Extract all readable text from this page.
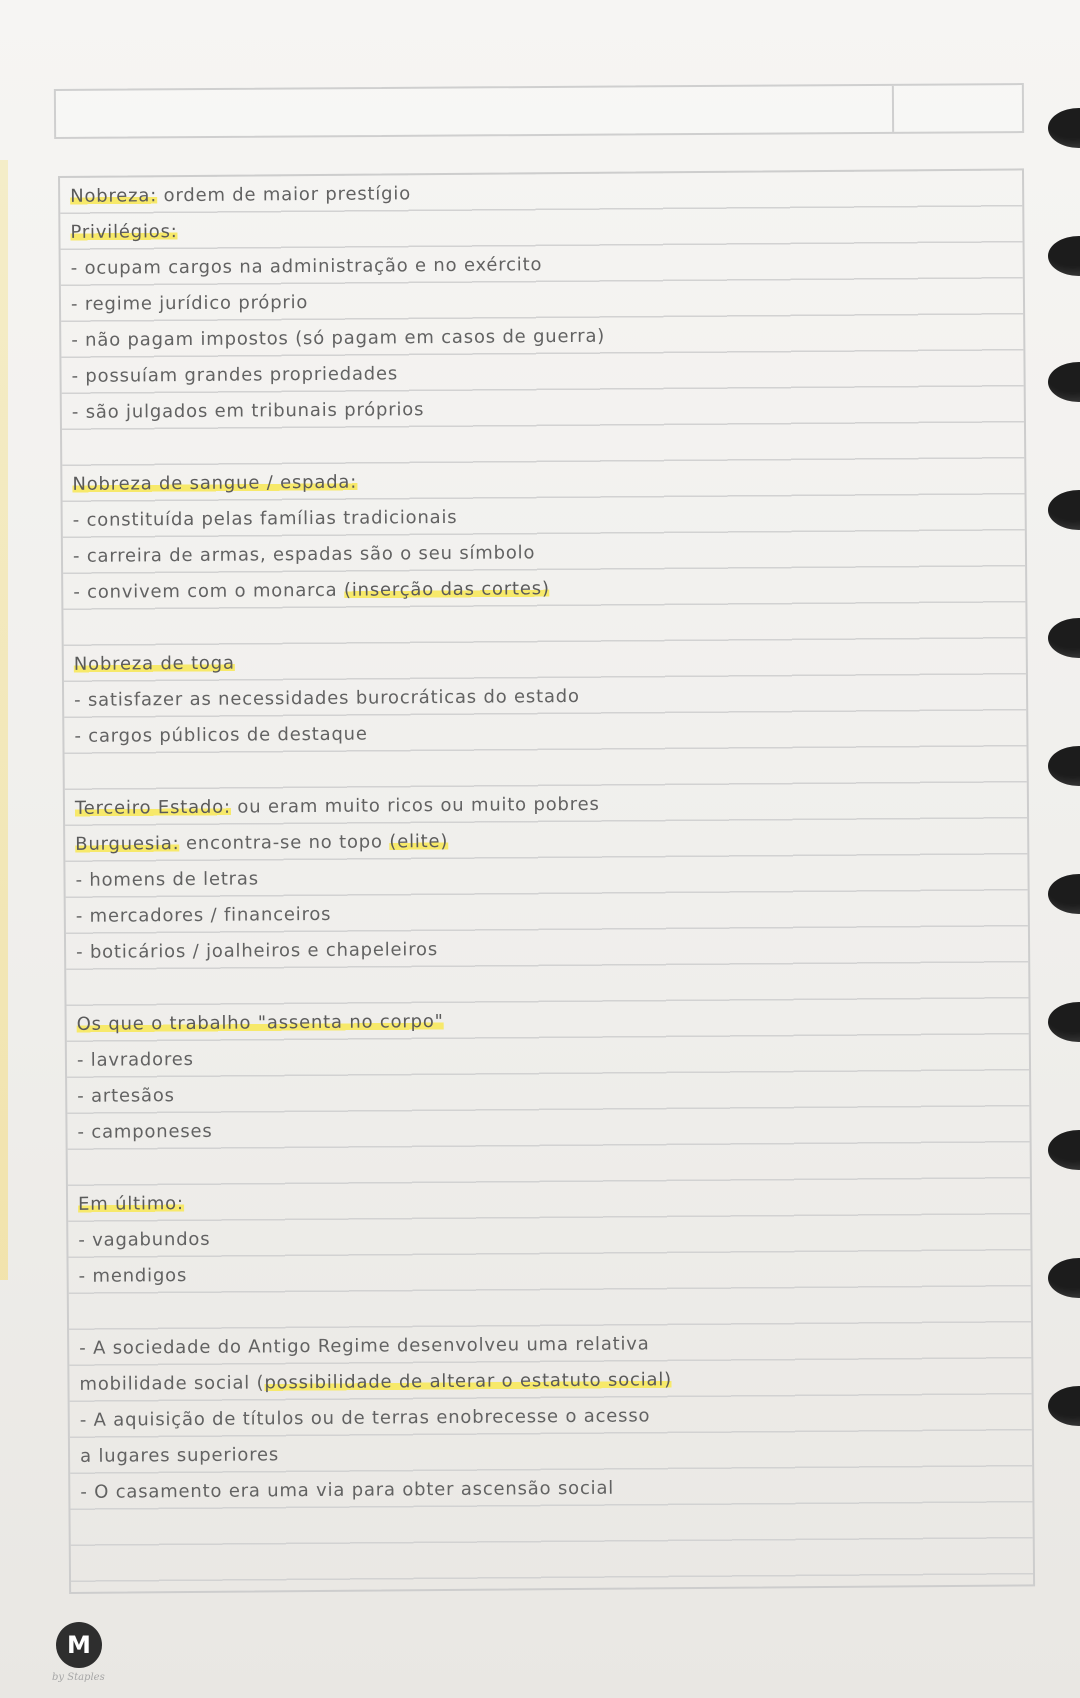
Nobreza: ordem de maior prestígio
Privilégios:
- ocupam cargos na administração e no exército
- regime jurídico próprio
- não pagam impostos (só pagam em casos de guerra)
- possuíam grandes propriedades
- são julgados em tribunais próprios
Nobreza de sangue / espada:
- constituída pelas famílias tradicionais
- carreira de armas, espadas são o seu símbolo
- convivem com o monarca (inserção das cortes)
Nobreza de toga
- satisfazer as necessidades burocráticas do estado
- cargos públicos de destaque
Terceiro Estado: ou eram muito ricos ou muito pobres
Burguesia: encontra-se no topo (elite)
- homens de letras
- mercadores / financeiros
- boticários / joalheiros e chapeleiros
Os que o trabalho "assenta no corpo"
- lavradores
- artesãos
- camponeses
Em último:
- vagabundos
- mendigos
- A sociedade do Antigo Regime desenvolveu uma relativa
mobilidade social (possibilidade de alterar o estatuto social)
- A aquisição de títulos ou de terras enobrecesse o acesso
a lugares superiores
- O casamento era uma via para obter ascensão social
M
by Staples
